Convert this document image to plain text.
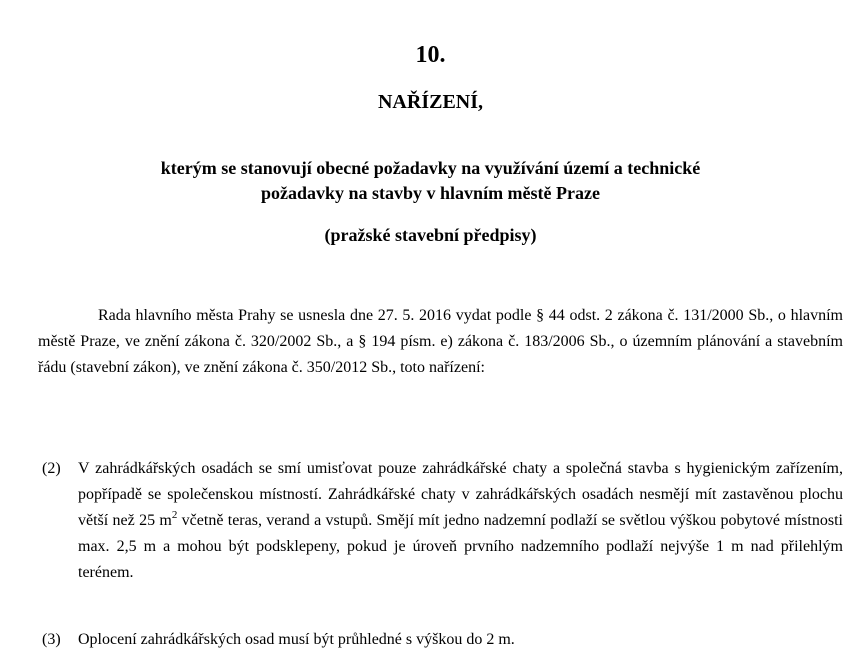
10.
NAŘÍZENÍ,
kterým se stanovují obecné požadavky na využívání území a technické
požadavky na stavby v hlavním městě Praze
(pražské stavební předpisy)

Rada hlavního města Prahy se usnesla dne 27. 5. 2016 vydat podle § 44 odst. 2 zákona č. 131/2000 Sb., o hlavním městě Praze, ve znění zákona č. 320/2002 Sb., a § 194 písm. e) zákona č. 183/2006 Sb., o územním plánování a stavebním řádu (stavební zákon), ve znění zákona č. 350/2012 Sb., toto nařízení:

(2) V zahrádkářských osadách se smí umisťovat pouze zahrádkářské chaty a společná stavba s hygienickým zařízením, popřípadě se společenskou místností. Zahrádkářské chaty v zahrádkářských osadách nesmějí mít zastavěnou plochu větší než 25 $m^2$ včetně teras, verand a vstupů. Smějí mít jedno nadzemní podlaží se světlou výškou pobytové místnosti max. 2,5 m a mohou být podsklepeny, pokud je úroveň prvního nadzemního podlaží nejvýše 1 m nad přilehlým terénem.
(3) Oplocení zahrádkářských osad musí být průhledné s výškou do 2 m.
